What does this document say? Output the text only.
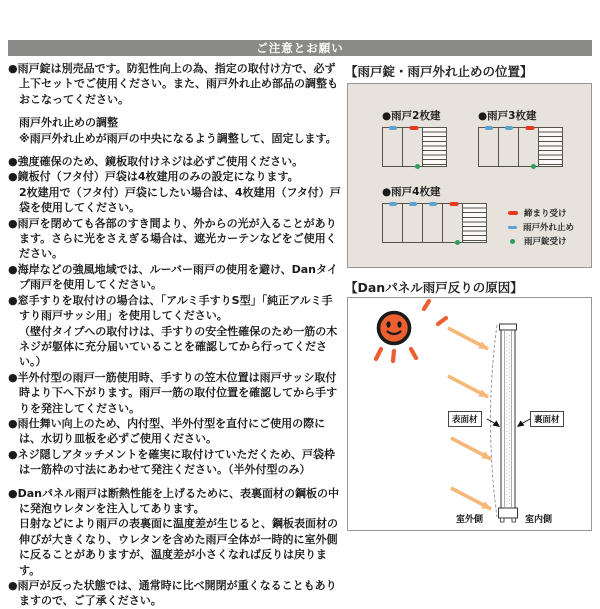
ご注意とお願い

●雨戸錠は別売品です。防犯性向上の為、指定の取付け方で、必ず上下セットでご使用ください。また、雨戸外れ止め部品の調整もおこなってください。

雨戸外れ止めの調整

※雨戸外れ止めが雨戸の中央になるよう調整して、固定します。

●強度確保のため、鏡板取付けネジは必ずご使用ください。

●鏡板付（フタ付）戸袋は4枚建用のみの設定になります。

2枚建用で（フタ付）戸袋にしたい場合は、4枚建用（フタ付）戸袋を使用してください。

●雨戸を閉めても各部のすき間より、外からの光が入ることがあります。さらに光をさえぎる場合は、遮光カーテンなどをご使用ください。

●海岸などの強風地域では、ルーバー雨戸の使用を避け、Danタイプ雨戸を使用してください。

●窓手すりを取付けの場合は、「アルミ手すりS型」「純正アルミ手すり雨戸サッシ用」を使用してください。

（壁付タイプへの取付けは、手すりの安全性確保のため一筋の木ネジが躯体に充分届いていることを確認してから行ってください。）

●半外付型の雨戸一筋使用時、手すりの笠木位置は雨戸サッシ取付時より下へ下がります。雨戸一筋の取付位置を確認してから手すりを発注してください。

●雨仕舞い向上のため、内付型、半外付型を直付にご使用の際には、水切り皿板を必ずご使用ください。

●ネジ隠しアタッチメントを確実に取付けていただくため、戸袋枠は一筋枠の寸法にあわせて発注ください。（半外付型のみ）

●Danパネル雨戸は断熱性能を上げるために、表裏面材の鋼板の中に発泡ウレタンを注入してあります。

日射などにより雨戸の表裏面に温度差が生じると、鋼板表面材の伸びが大きくなり、ウレタンを含めた雨戸全体が一時的に室外側に反ることがありますが、温度差が小さくなれば反りは戻ります。

●雨戸が反った状態では、通常時に比べ開閉が重くなることもありますので、ご了承ください。

【雨戸錠・雨戸外れ止めの位置】
●雨戸2枚建	●雨戸3枚建
●雨戸4枚建
締まり受け
雨戸外れ止め
雨戸錠受け
【Danパネル雨戸反りの原因】
表面材	裏面材
室外側	室内側
